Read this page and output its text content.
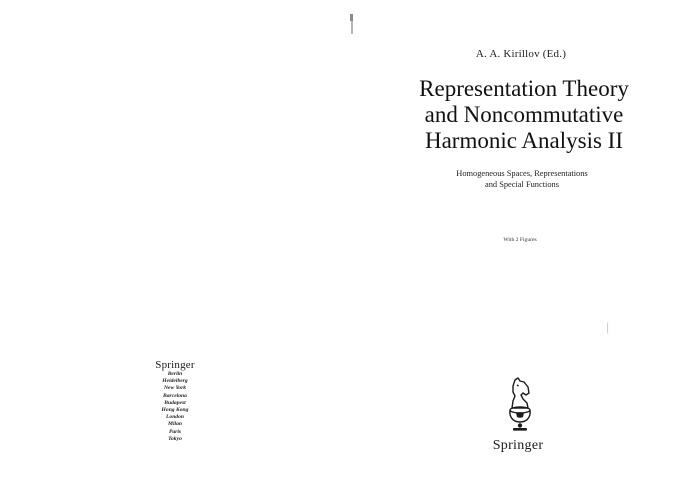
Springer
Berlin
Heidelberg
New York
Barcelona
Budapest
Hong Kong
London
Milan
Paris
Tokyo
A. A. Kirillov (Ed.)
Representation Theory
and Noncommutative
Harmonic Analysis II
Homogeneous Spaces, Representations
and Special Functions
With 2 Figures
Springer
